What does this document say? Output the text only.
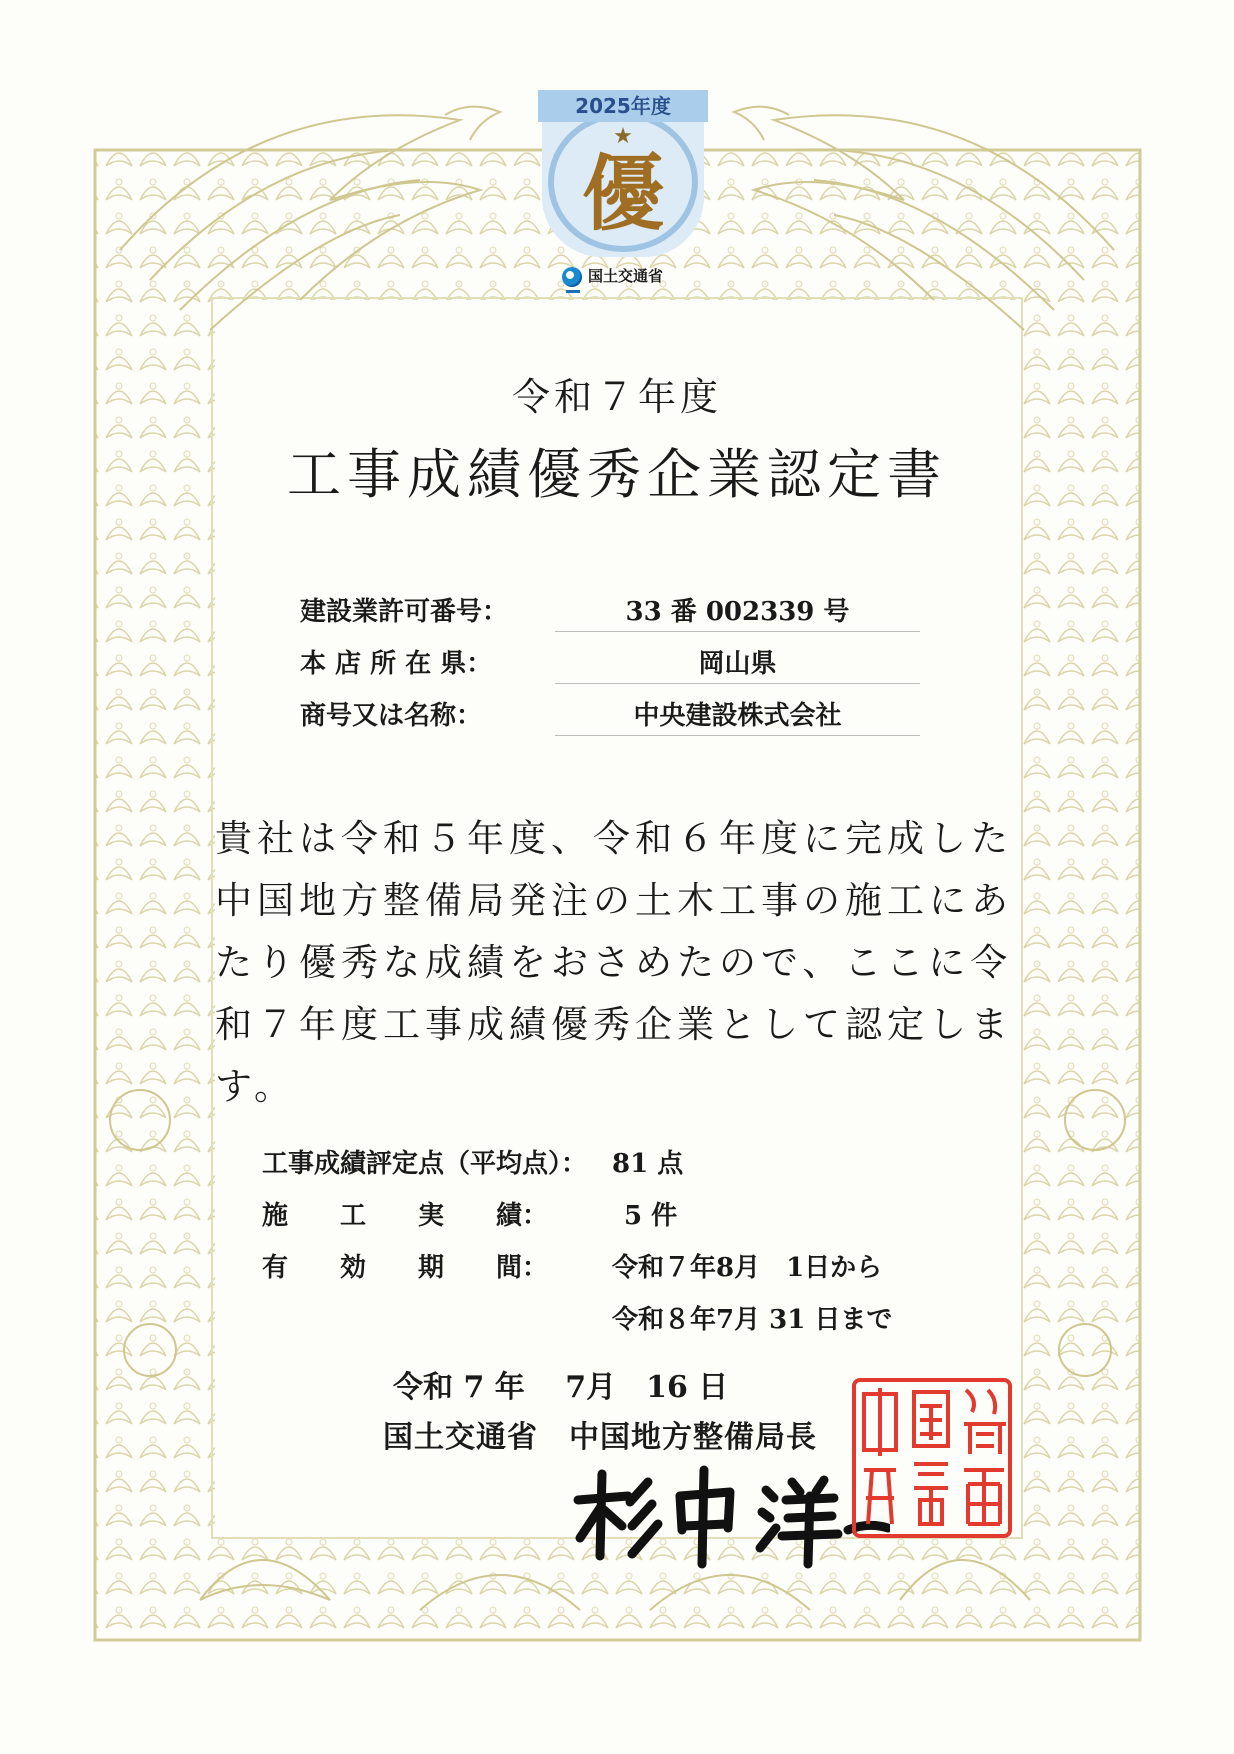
2025年度
★
優
国土交通省
令和７年度
工事成績優秀企業認定書
建設業許可番号：	33 番 002339 号
本 店 所 在 県：	岡山県
商号又は名称：	中央建設株式会社
貴社は令和５年度、令和６年度に完成した
中国地方整備局発注の土木工事の施工にあ
たり優秀な成績をおさめたので、ここに令
和７年度工事成績優秀企業として認定しま
す。
工事成績評定点（平均点）： 81 点
施　　工　　実　　績：	5 件
有　　効　　期　　間：	令和７年8月　1日から
令和８年7月 31 日まで
令和 7 年　 7月　16 日
国土交通省　中国地方整備局長
